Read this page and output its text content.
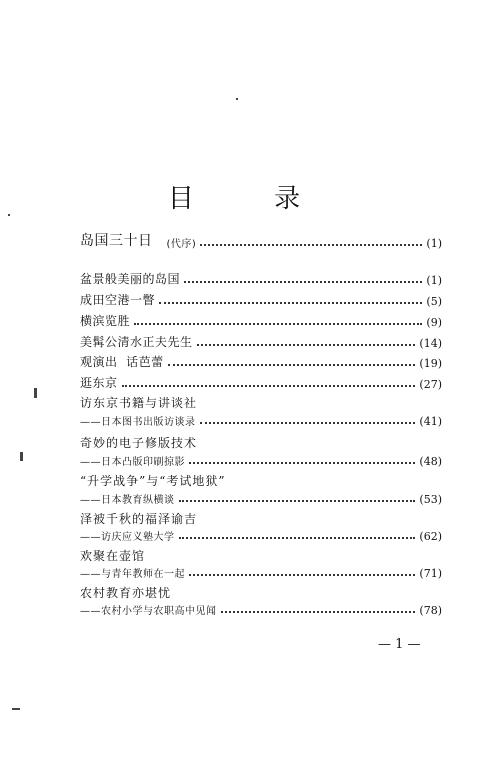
目 录
岛国三十日 (代序)	(1)
盆景般美丽的岛国	(1)
成田空港一瞥	(5)
横滨览胜	(9)
美髯公清水正夫先生	(14)
观演出  话芭蕾	(19)
逛东京	(27)
访东京书籍与讲谈社
——日本图书出版访谈录	(41)
奇妙的电子修版技术
——日本凸版印刷掠影	(48)
“升学战争”与“考试地狱”
——日本教育纵横谈	(53)
泽被千秋的福泽谕吉
——访庆应义塾大学	(62)
欢聚在壶馆
——与青年教师在一起	(71)
农村教育亦堪忧
——农村小学与农职高中见闻	(78)
— 1 —
